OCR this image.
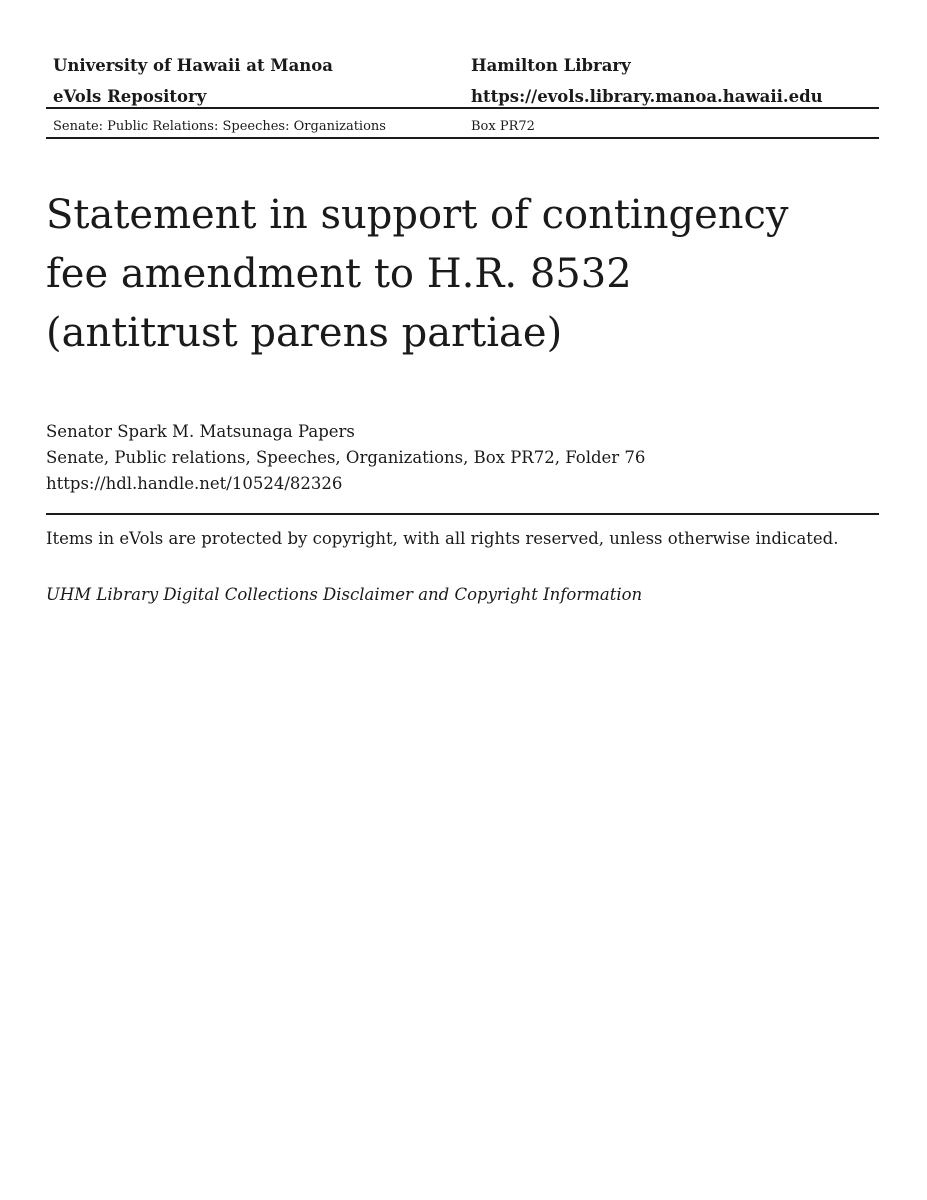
University of Hawaii at Manoa	Hamilton Library
eVols Repository	https://evols.library.manoa.hawaii.edu
Senate: Public Relations: Speeches: Organizations	Box PR72
Statement in support of contingency
fee amendment to H.R. 8532
(antitrust parens partiae)
Senator Spark M. Matsunaga Papers
Senate, Public relations, Speeches, Organizations, Box PR72, Folder 76
https://hdl.handle.net/10524/82326
Items in eVols are protected by copyright, with all rights reserved, unless otherwise indicated.
UHM Library Digital Collections Disclaimer and Copyright Information
